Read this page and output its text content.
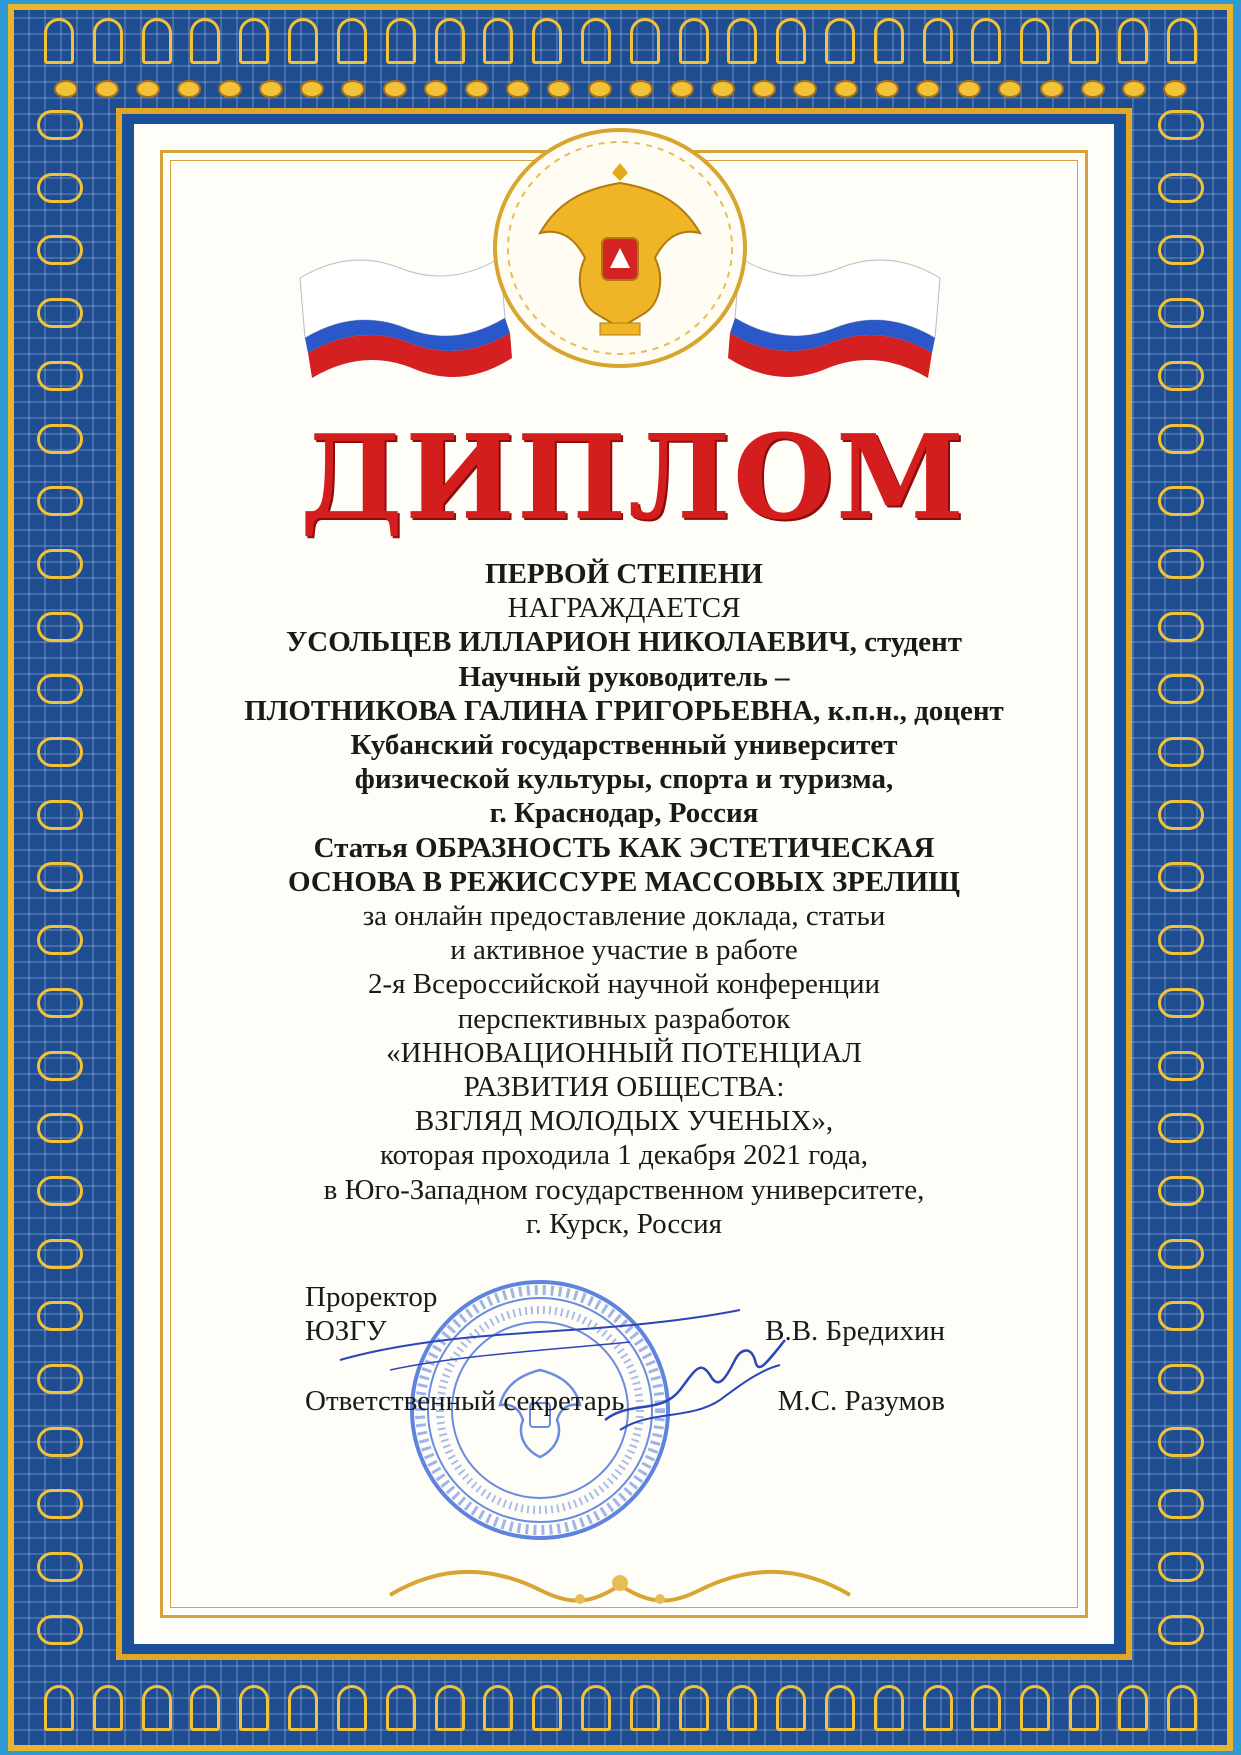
ДИПЛОМ
ПЕРВОЙ СТЕПЕНИ
НАГРАЖДАЕТСЯ
УСОЛЬЦЕВ ИЛЛАРИОН НИКОЛАЕВИЧ, студент
Научный руководитель –
ПЛОТНИКОВА ГАЛИНА ГРИГОРЬЕВНА, к.п.н., доцент
Кубанский государственный университет
физической культуры, спорта и туризма,
г. Краснодар, Россия
Статья ОБРАЗНОСТЬ КАК ЭСТЕТИЧЕСКАЯ
ОСНОВА В РЕЖИССУРЕ МАССОВЫХ ЗРЕЛИЩ
за онлайн предоставление доклада, статьи
и активное участие в работе
2-я Всероссийской научной конференции
перспективных разработок
«ИННОВАЦИОННЫЙ ПОТЕНЦИАЛ
РАЗВИТИЯ ОБЩЕСТВА:
ВЗГЛЯД МОЛОДЫХ УЧЕНЫХ»,
которая проходила 1 декабря 2021 года,
в Юго-Западном государственном университете,
г. Курск, Россия
Проректор
ЮЗГУ	В.В. Бредихин
Ответственный секретарь	М.С. Разумов
